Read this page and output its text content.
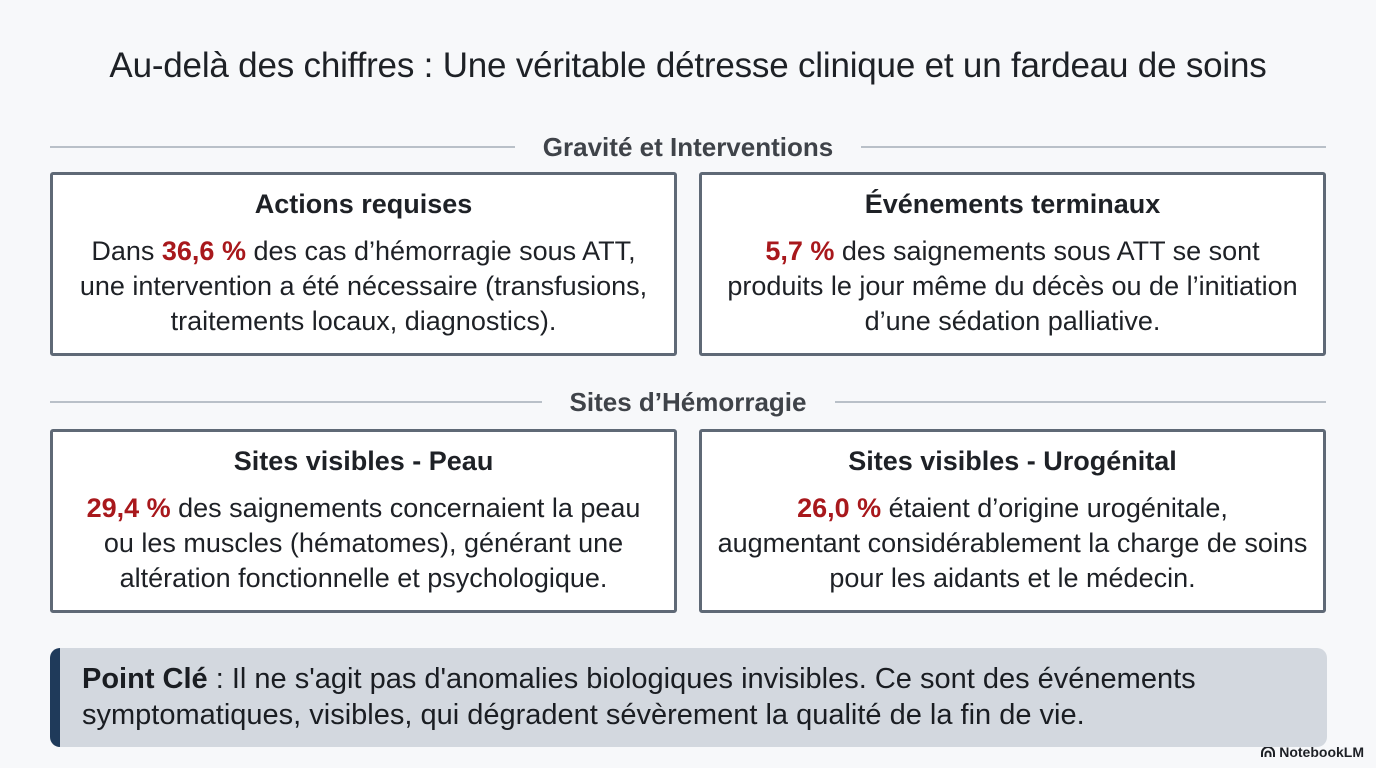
Au-delà des chiffres : Une véritable détresse clinique et un fardeau de soins
Gravité et Interventions
Actions requises
Dans 36,6 % des cas d’hémorragie sous ATT,
une intervention a été nécessaire (transfusions, traitements locaux, diagnostics).
Événements terminaux
5,7 % des saignements sous ATT se sont
produits le jour même du décès ou de l’initiation d’une sédation palliative.
Sites d’Hémorragie
Sites visibles - Peau
29,4 % des saignements concernaient la peau
ou les muscles (hématomes), générant une altération fonctionnelle et psychologique.
Sites visibles - Urogénital
26,0 % étaient d’origine urogénitale,
augmentant considérablement la charge de soins pour les aidants et le médecin.
Point Clé : Il ne s'agit pas d'anomalies biologiques invisibles. Ce sont des événements symptomatiques, visibles, qui dégradent sévèrement la qualité de la fin de vie.
NotebookLM
